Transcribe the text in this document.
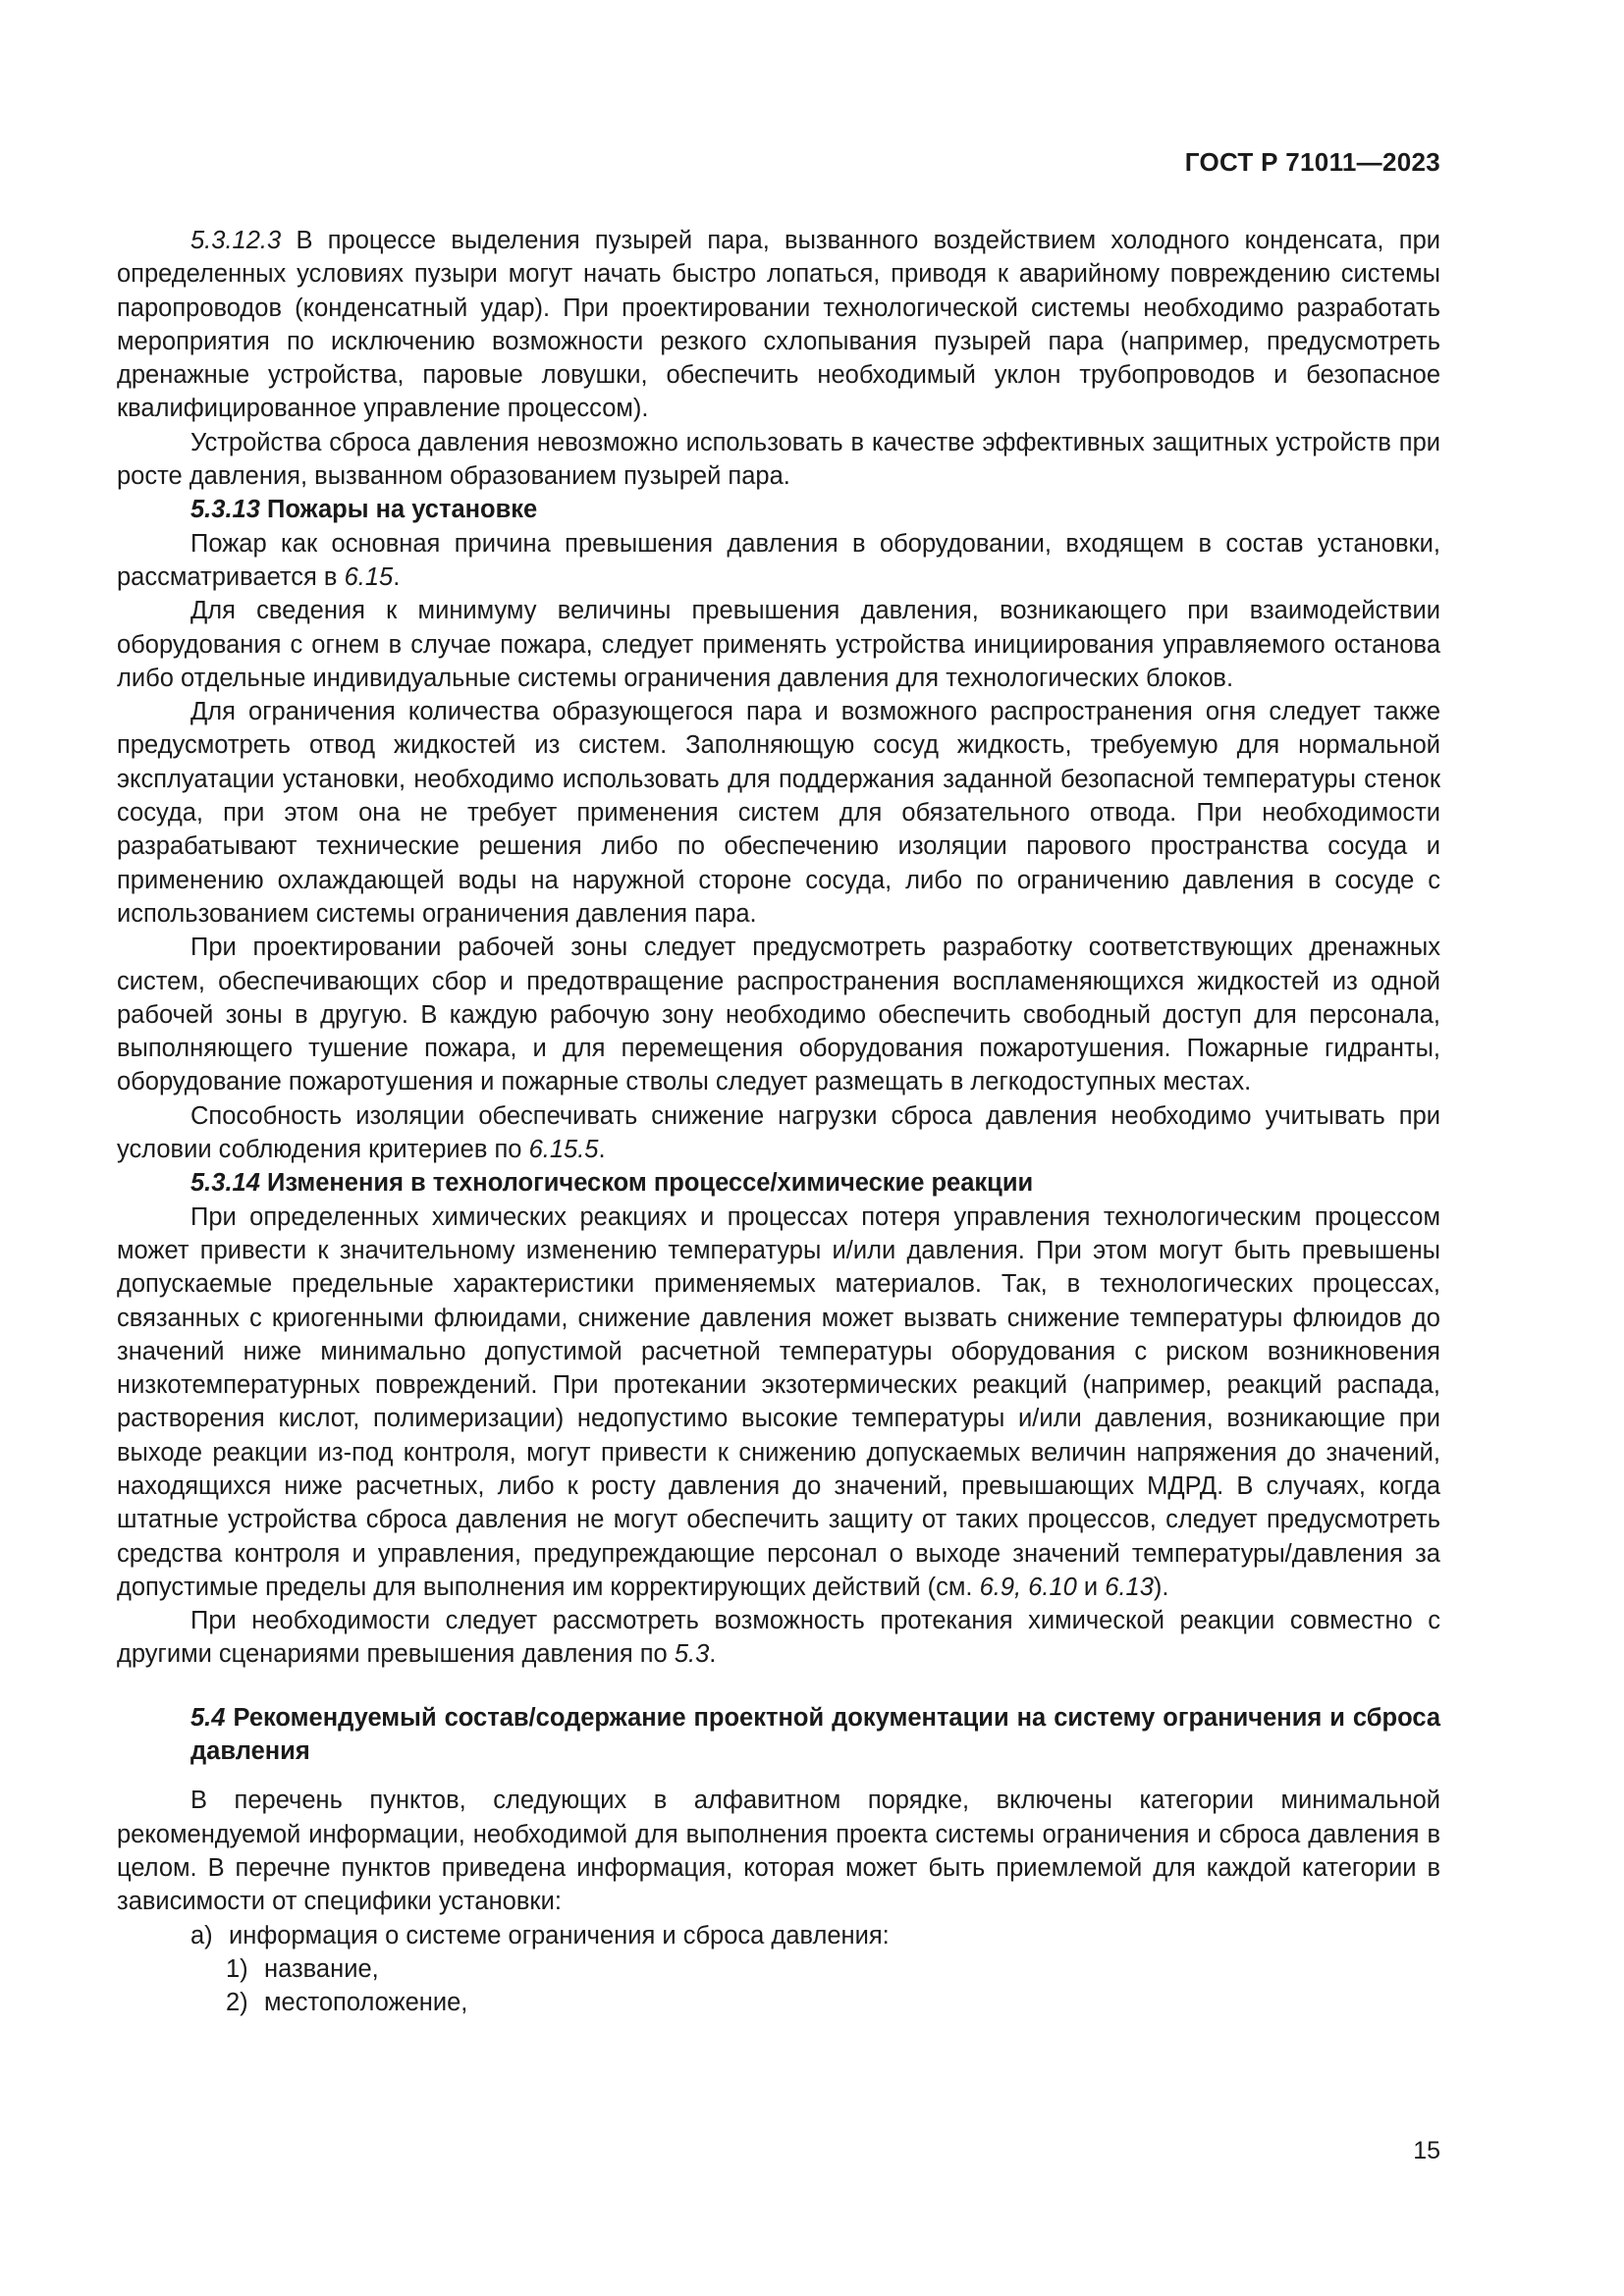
ГОСТ Р 71011—2023

5.3.12.3 В процессе выделения пузырей пара, вызванного воздействием холодного конденсата, при определенных условиях пузыри могут начать быстро лопаться, приводя к аварийному повреждению системы паропроводов (конденсатный удар). При проектировании технологической системы необходимо разработать мероприятия по исключению возможности резкого схлопывания пузырей пара (например, предусмотреть дренажные устройства, паровые ловушки, обеспечить необходимый уклон трубопроводов и безопасное квалифицированное управление процессом).

Устройства сброса давления невозможно использовать в качестве эффективных защитных устройств при росте давления, вызванном образованием пузырей пара.

5.3.13 Пожары на установке

Пожар как основная причина превышения давления в оборудовании, входящем в состав установки, рассматривается в 6.15.

Для сведения к минимуму величины превышения давления, возникающего при взаимодействии оборудования с огнем в случае пожара, следует применять устройства инициирования управляемого останова либо отдельные индивидуальные системы ограничения давления для технологических блоков.

Для ограничения количества образующегося пара и возможного распространения огня следует также предусмотреть отвод жидкостей из систем. Заполняющую сосуд жидкость, требуемую для нормальной эксплуатации установки, необходимо использовать для поддержания заданной безопасной температуры стенок сосуда, при этом она не требует применения систем для обязательного отвода. При необходимости разрабатывают технические решения либо по обеспечению изоляции парового пространства сосуда и применению охлаждающей воды на наружной стороне сосуда, либо по ограничению давления в сосуде с использованием системы ограничения давления пара.

При проектировании рабочей зоны следует предусмотреть разработку соответствующих дренажных систем, обеспечивающих сбор и предотвращение распространения воспламеняющихся жидкостей из одной рабочей зоны в другую. В каждую рабочую зону необходимо обеспечить свободный доступ для персонала, выполняющего тушение пожара, и для перемещения оборудования пожаротушения. Пожарные гидранты, оборудование пожаротушения и пожарные стволы следует размещать в легкодоступных местах.

Способность изоляции обеспечивать снижение нагрузки сброса давления необходимо учитывать при условии соблюдения критериев по 6.15.5.

5.3.14 Изменения в технологическом процессе/химические реакции

При определенных химических реакциях и процессах потеря управления технологическим процессом может привести к значительному изменению температуры и/или давления. При этом могут быть превышены допускаемые предельные характеристики применяемых материалов. Так, в технологических процессах, связанных с криогенными флюидами, снижение давления может вызвать снижение температуры флюидов до значений ниже минимально допустимой расчетной температуры оборудования с риском возникновения низкотемпературных повреждений. При протекании экзотермических реакций (например, реакций распада, растворения кислот, полимеризации) недопустимо высокие температуры и/или давления, возникающие при выходе реакции из-под контроля, могут привести к снижению допускаемых величин напряжения до значений, находящихся ниже расчетных, либо к росту давления до значений, превышающих МДРД. В случаях, когда штатные устройства сброса давления не могут обеспечить защиту от таких процессов, следует предусмотреть средства контроля и управления, предупреждающие персонал о выходе значений температуры/давления за допустимые пределы для выполнения им корректирующих действий (см. 6.9, 6.10 и 6.13).

При необходимости следует рассмотреть возможность протекания химической реакции совместно с другими сценариями превышения давления по 5.3.

5.4 Рекомендуемый состав/содержание проектной документации на систему ограничения и сброса давления

В перечень пунктов, следующих в алфавитном порядке, включены категории минимальной рекомендуемой информации, необходимой для выполнения проекта системы ограничения и сброса давления в целом. В перечне пунктов приведена информация, которая может быть приемлемой для каждой категории в зависимости от специфики установки:

а) информация о системе ограничения и сброса давления:
1) название,
2) местоположение,
15
